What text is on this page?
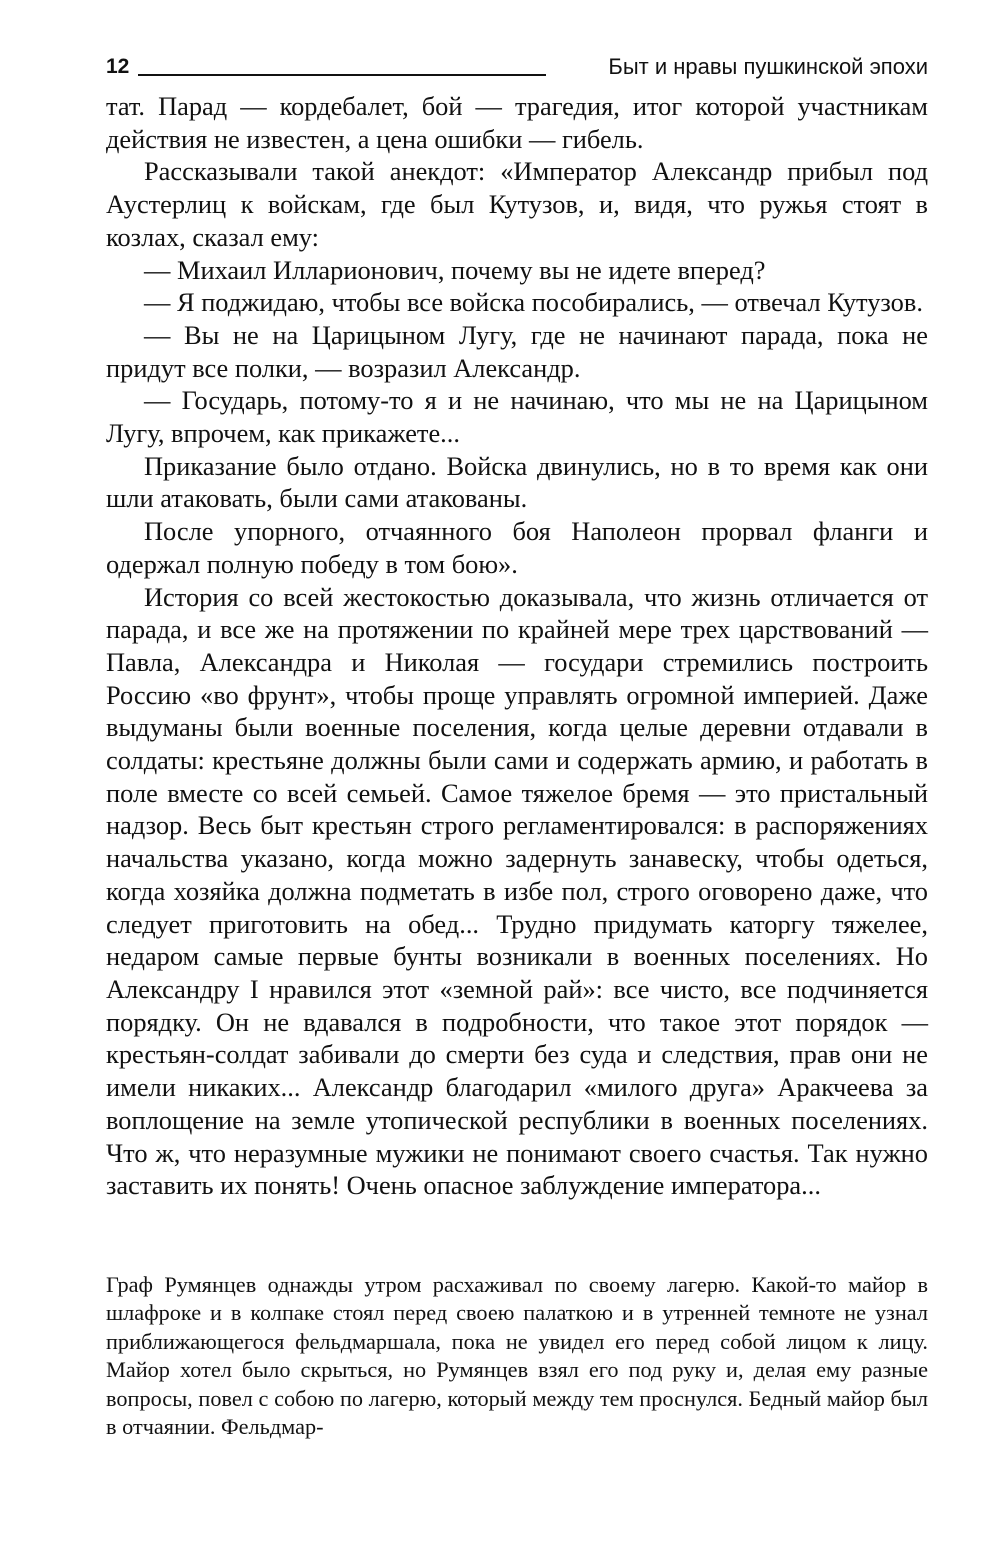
12	Быт и нравы пушкинской эпохи

тат. Парад — кордебалет, бой — трагедия, итог которой участникам действия не известен, а цена ошибки — гибель.

Рассказывали такой анекдот: «Император Александр прибыл под Аустерлиц к войскам, где был Кутузов, и, видя, что ружья стоят в козлах, сказал ему:

— Михаил Илларионович, почему вы не идете вперед?

— Я поджидаю, чтобы все войска пособирались, — отвечал Кутузов.

— Вы не на Царицыном Лугу, где не начинают парада, пока не придут все полки, — возразил Александр.

— Государь, потому-то я и не начинаю, что мы не на Царицыном Лугу, впрочем, как прикажете...

Приказание было отдано. Войска двинулись, но в то время как они шли атаковать, были сами атакованы.

После упорного, отчаянного боя Наполеон прорвал фланги и одержал полную победу в том бою».

История со всей жестокостью доказывала, что жизнь отличается от парада, и все же на протяжении по крайней мере трех царствований — Павла, Александра и Николая — государи стремились построить Россию «во фрунт», чтобы проще управлять огромной империей. Даже выдуманы были военные поселения, когда целые деревни отдавали в солдаты: крестьяне должны были сами и содержать армию, и работать в поле вместе со всей семьей. Самое тяжелое бремя — это пристальный надзор. Весь быт крестьян строго регламентировался: в распоряжениях начальства указано, когда можно задернуть занавеску, чтобы одеться, когда хозяйка должна подметать в избе пол, строго оговорено даже, что следует приготовить на обед... Трудно придумать каторгу тяжелее, недаром самые первые бунты возникали в военных поселениях. Но Александру I нравился этот «земной рай»: все чисто, все подчиняется порядку. Он не вдавался в подробности, что такое этот порядок — крестьян-солдат забивали до смерти без суда и следствия, прав они не имели никаких... Александр благодарил «милого друга» Аракчеева за воплощение на земле утопической республики в военных поселениях. Что ж, что неразумные мужики не понимают своего счастья. Так нужно заставить их понять! Очень опасное заблуждение императора...

Граф Румянцев однажды утром расхаживал по своему лагерю. Какой-то майор в шлафроке и в колпаке стоял перед своею палаткою и в утренней темноте не узнал приближающегося фельдмаршала, пока не увидел его перед собой лицом к лицу. Майор хотел было скрыться, но Румянцев взял его под руку и, делая ему разные вопросы, повел с собою по лагерю, который между тем проснулся. Бедный майор был в отчаянии. Фельдмар-
